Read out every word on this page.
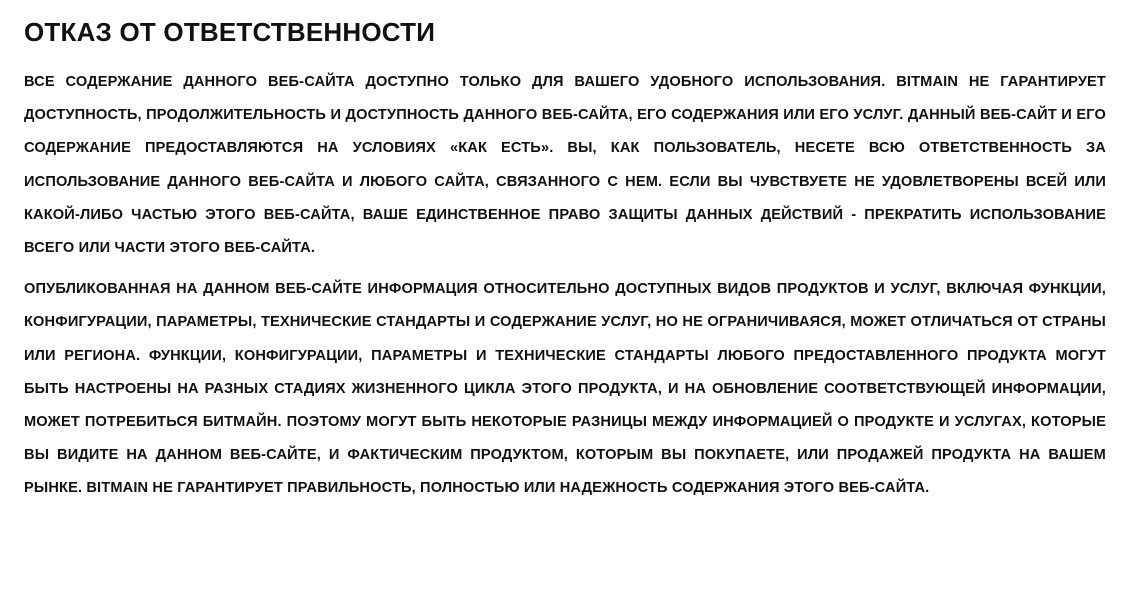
ОТКАЗ ОТ ОТВЕТСТВЕННОСТИ

ВСЕ СОДЕРЖАНИЕ ДАННОГО ВЕБ-САЙТА ДОСТУПНО ТОЛЬКО ДЛЯ ВАШЕГО УДОБНОГО ИСПОЛЬЗОВАНИЯ. BITMAIN НЕ ГАРАНТИРУЕТ ДОСТУПНОСТЬ, ПРОДОЛЖИТЕЛЬНОСТЬ И ДОСТУПНОСТЬ ДАННОГО ВЕБ-САЙТА, ЕГО СОДЕРЖАНИЯ ИЛИ ЕГО УСЛУГ. ДАННЫЙ ВЕБ-САЙТ И ЕГО СОДЕРЖАНИЕ ПРЕДОСТАВЛЯЮТСЯ НА УСЛОВИЯХ «КАК ЕСТЬ». ВЫ, КАК ПОЛЬЗОВАТЕЛЬ, НЕСЕТЕ ВСЮ ОТВЕТСТВЕННОСТЬ ЗА ИСПОЛЬЗОВАНИЕ ДАННОГО ВЕБ-САЙТА И ЛЮБОГО САЙТА, СВЯЗАННОГО С НЕМ. ЕСЛИ ВЫ ЧУВСТВУЕТЕ НЕ УДОВЛЕТВОРЕНЫ ВСЕЙ ИЛИ КАКОЙ-ЛИБО ЧАСТЬЮ ЭТОГО ВЕБ-САЙТА, ВАШЕ ЕДИНСТВЕННОЕ ПРАВО ЗАЩИТЫ ДАННЫХ ДЕЙСТВИЙ - ПРЕКРАТИТЬ ИСПОЛЬЗОВАНИЕ ВСЕГО ИЛИ ЧАСТИ ЭТОГО ВЕБ-САЙТА.

ОПУБЛИКОВАННАЯ НА ДАННОМ ВЕБ-САЙТЕ ИНФОРМАЦИЯ ОТНОСИТЕЛЬНО ДОСТУПНЫХ ВИДОВ ПРОДУКТОВ И УСЛУГ, ВКЛЮЧАЯ ФУНКЦИИ, КОНФИГУРАЦИИ, ПАРАМЕТРЫ, ТЕХНИЧЕСКИЕ СТАНДАРТЫ И СОДЕРЖАНИЕ УСЛУГ, НО НЕ ОГРАНИЧИВАЯСЯ, МОЖЕТ ОТЛИЧАТЬСЯ ОТ СТРАНЫ ИЛИ РЕГИОНА. ФУНКЦИИ, КОНФИГУРАЦИИ, ПАРАМЕТРЫ И ТЕХНИЧЕСКИЕ СТАНДАРТЫ ЛЮБОГО ПРЕДОСТАВЛЕННОГО ПРОДУКТА МОГУТ БЫТЬ НАСТРОЕНЫ НА РАЗНЫХ СТАДИЯХ ЖИЗНЕННОГО ЦИКЛА ЭТОГО ПРОДУКТА, И НА ОБНОВЛЕНИЕ СООТВЕТСТВУЮЩЕЙ ИНФОРМАЦИИ, МОЖЕТ ПОТРЕБИТЬСЯ БИТМАЙН. ПОЭТОМУ МОГУТ БЫТЬ НЕКОТОРЫЕ РАЗНИЦЫ МЕЖДУ ИНФОРМАЦИЕЙ О ПРОДУКТЕ И УСЛУГАХ, КОТОРЫЕ ВЫ ВИДИТЕ НА ДАННОМ ВЕБ-САЙТЕ, И ФАКТИЧЕСКИМ ПРОДУКТОМ, КОТОРЫМ ВЫ ПОКУПАЕТЕ, ИЛИ ПРОДАЖЕЙ ПРОДУКТА НА ВАШЕМ РЫНКЕ. BITMAIN НЕ ГАРАНТИРУЕТ ПРАВИЛЬНОСТЬ, ПОЛНОСТЬЮ ИЛИ НАДЕЖНОСТЬ СОДЕРЖАНИЯ ЭТОГО ВЕБ-САЙТА.
